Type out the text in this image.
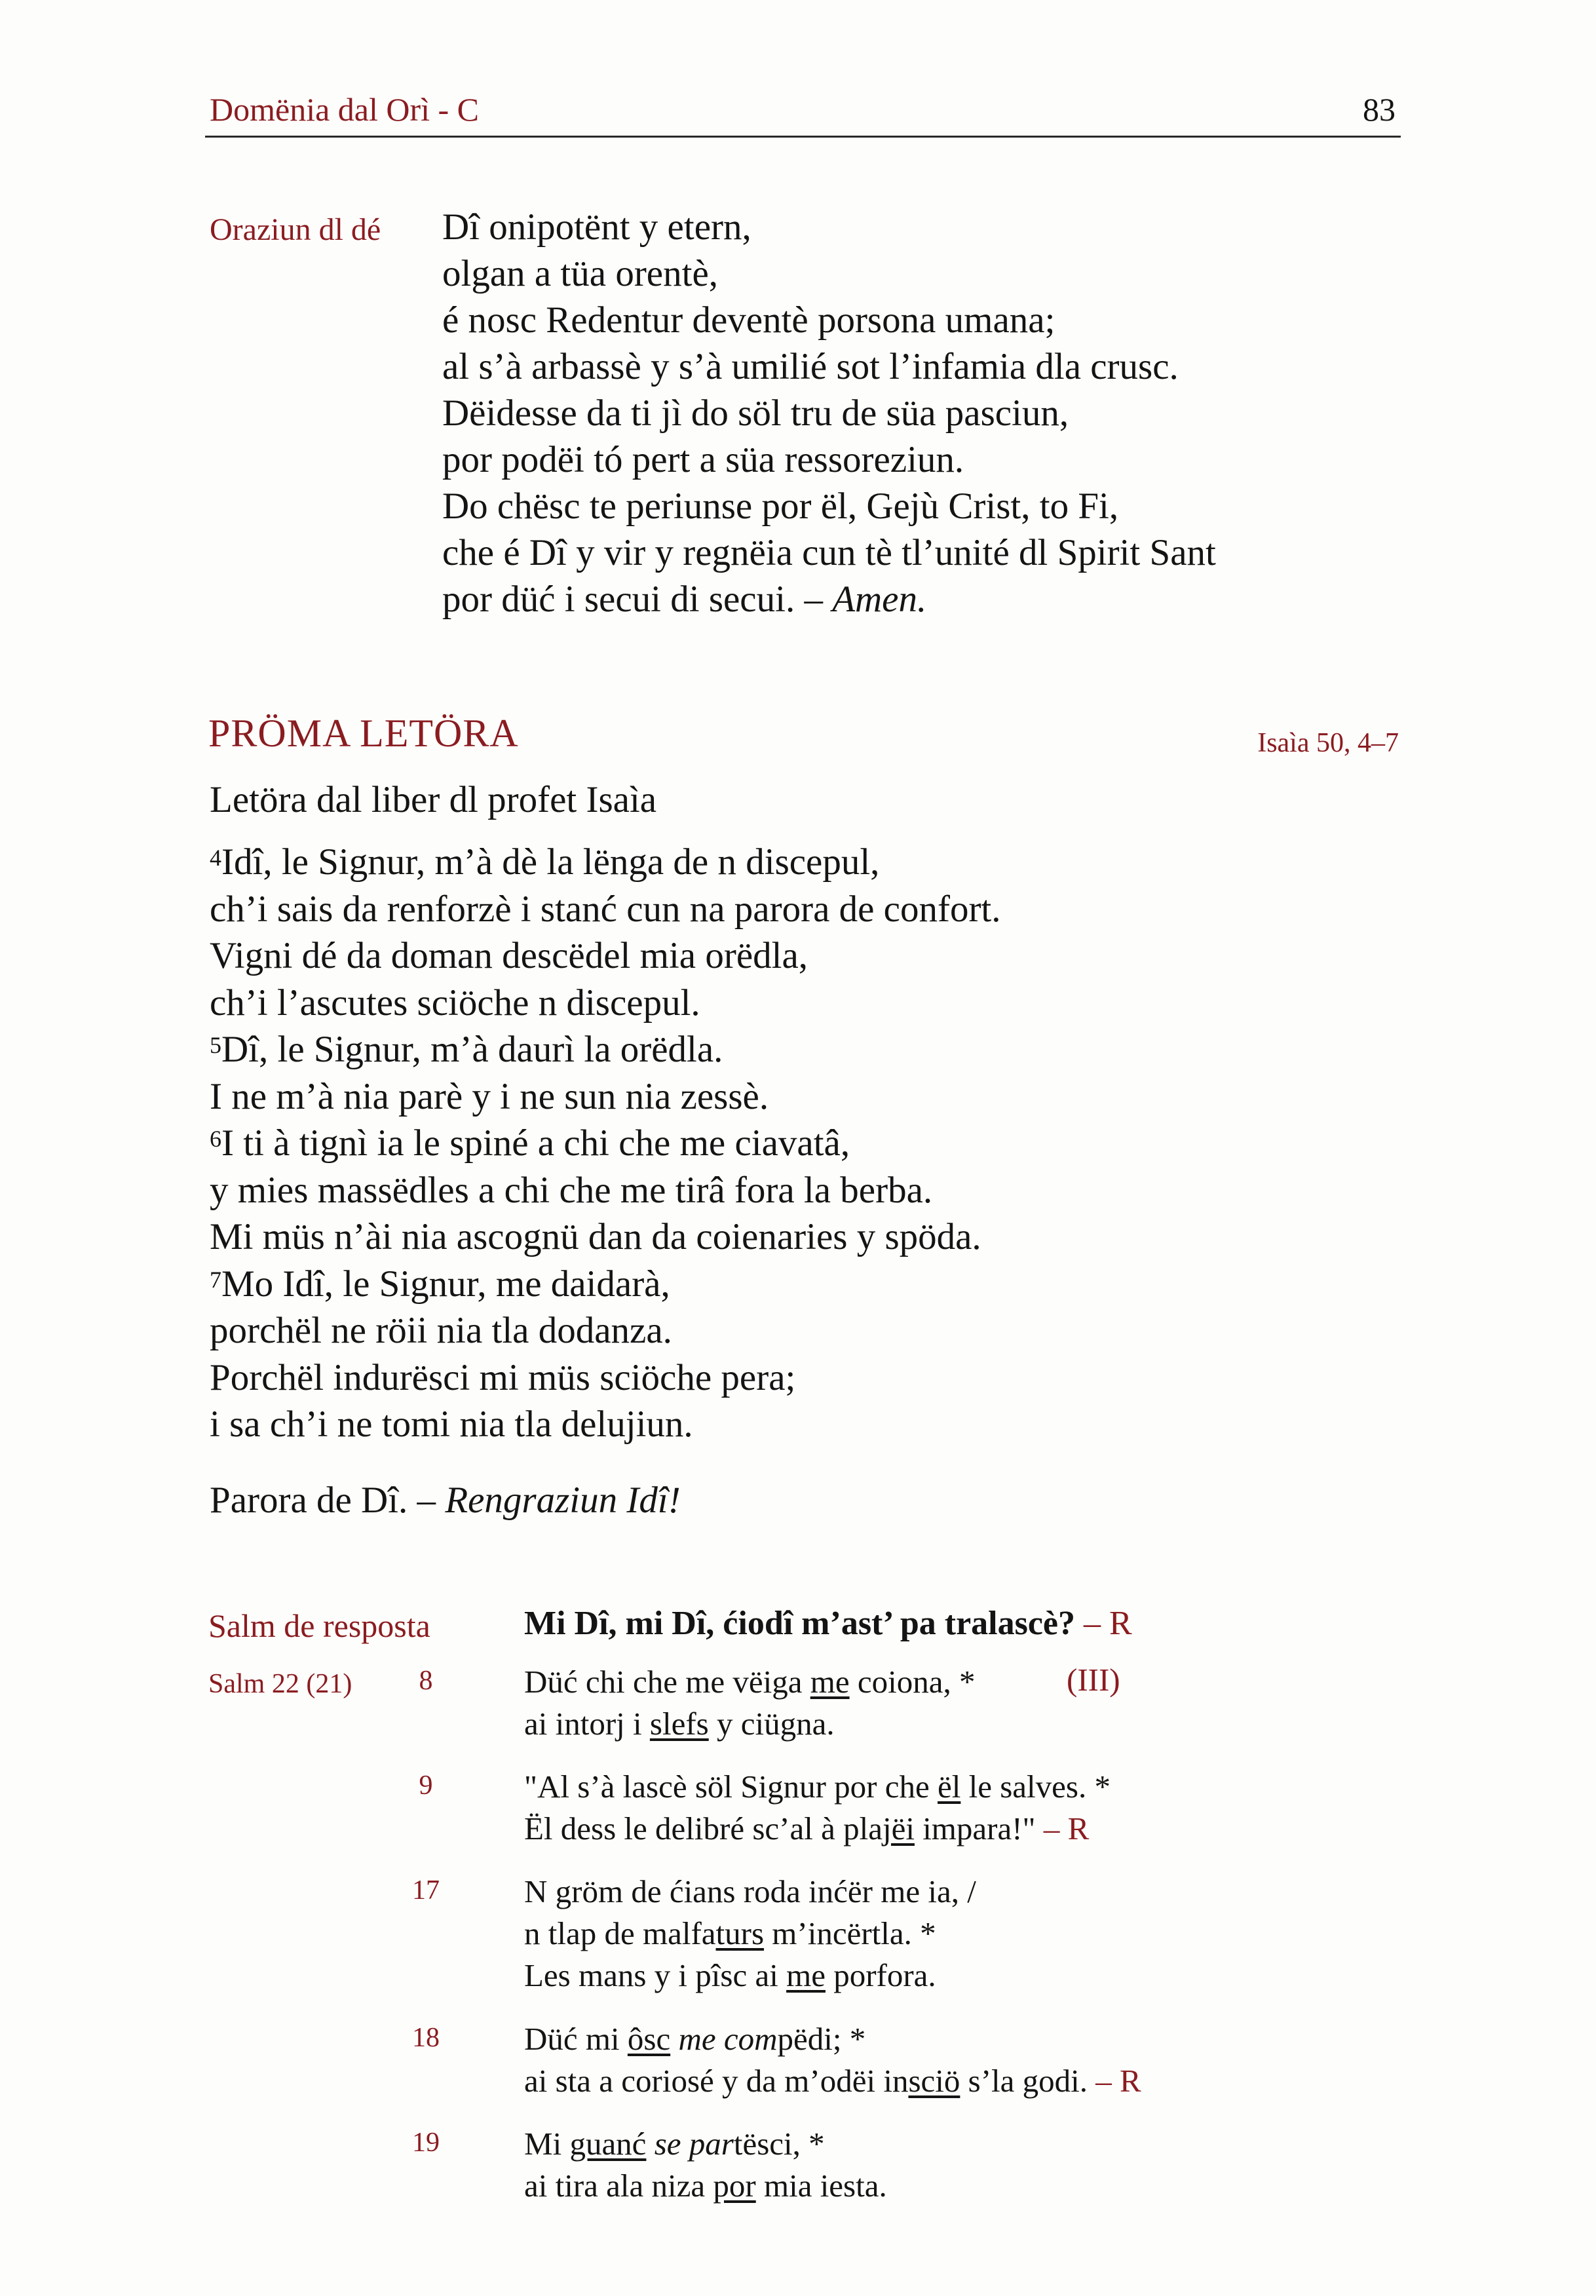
Domënia dal Orì - C	83
Oraziun dl dé Dî onipotënt y etern,
olgan a tüa orentè,
é nosc Redentur deventè porsona umana;
al s’à arbassè y s’à umilié sot l’infamia dla crusc.
Dëidesse da ti jì do söl tru de süa pasciun,
por podëi tó pert a süa ressoreziun.
Do chësc te periunse por ël, Gejù Crist, to Fi,
che é Dî y vir y regnëia cun tè tl’unité dl Spirit Sant
por düć i secui di secui. – Amen.
PRÖMA LETÖRA	Isaìa 50, 4–7
Letöra dal liber dl profet Isaìa
$^4$Idî, le Signur, m’à dè la lënga de n discepul,
ch’i sais da renforzè i stanć cun na parora de confort.
Vigni dé da doman descëdel mia orëdla,
ch’i l’ascutes sciöche n discepul.
$^5$Dî, le Signur, m’à daurì la orëdla.
I ne m’à nia parè y i ne sun nia zessè.
$^6$I ti à tignì ia le spiné a chi che me ciavatâ,
y mies massëdles a chi che me tirâ fora la berba.
Mi müs n’ài nia ascognü dan da coienaries y spöda.
$^7$Mo Idî, le Signur, me daidarà,
porchël ne röii nia tla dodanza.
Porchël indurësci mi müs sciöche pera;
i sa ch’i ne tomi nia tla delujiun.
Parora de Dî. – Rengraziun Idî!
Salm de resposta
Salm 22 (21)
Mi Dî, mi Dî, ćiodî m’ast’ pa tralascè? – R
8	Düć chi che me vëiga me coiona, *
ai intorj i slefs y ciügna.
(III)
9	"Al s’à lascè söl Signur por che ël le salves. *
Ël dess le delibré sc’al à plajëi impara!" – R
17	N gröm de ćians roda inćër me ia, /
n tlap de malfaturs m’incërtla. *
Les mans y i pîsc ai me porfora.
18	Düć mi ôsc me compëdi; *
ai sta a coriosé y da m’odëi insciö s’la godi. – R
19	Mi guanć se partësci, *
ai tira ala niza por mia iesta.
